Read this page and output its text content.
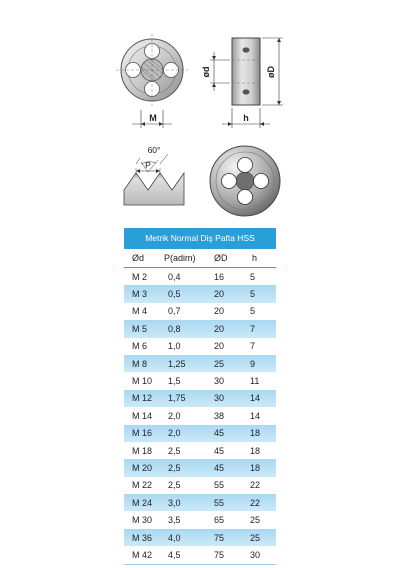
M
ød	øD
h
60°
P
Metrik Normal Diş Pafta HSS
Ød	P(adim)	ØD	h
M 2	0,4	16	5
M 3	0,5	20	5
M 4	0,7	20	5
M 5	0,8	20	7
M 6	1,0	20	7
M 8	1,25	25	9
M 10	1,5	30	11
M 12	1,75	30	14
M 14	2,0	38	14
M 16	2,0	45	18
M 18	2,5	45	18
M 20	2,5	45	18
M 22	2,5	55	22
M 24	3,0	55	22
M 30	3,5	65	25
M 36	4,0	75	25
M 42	4,5	75	30
